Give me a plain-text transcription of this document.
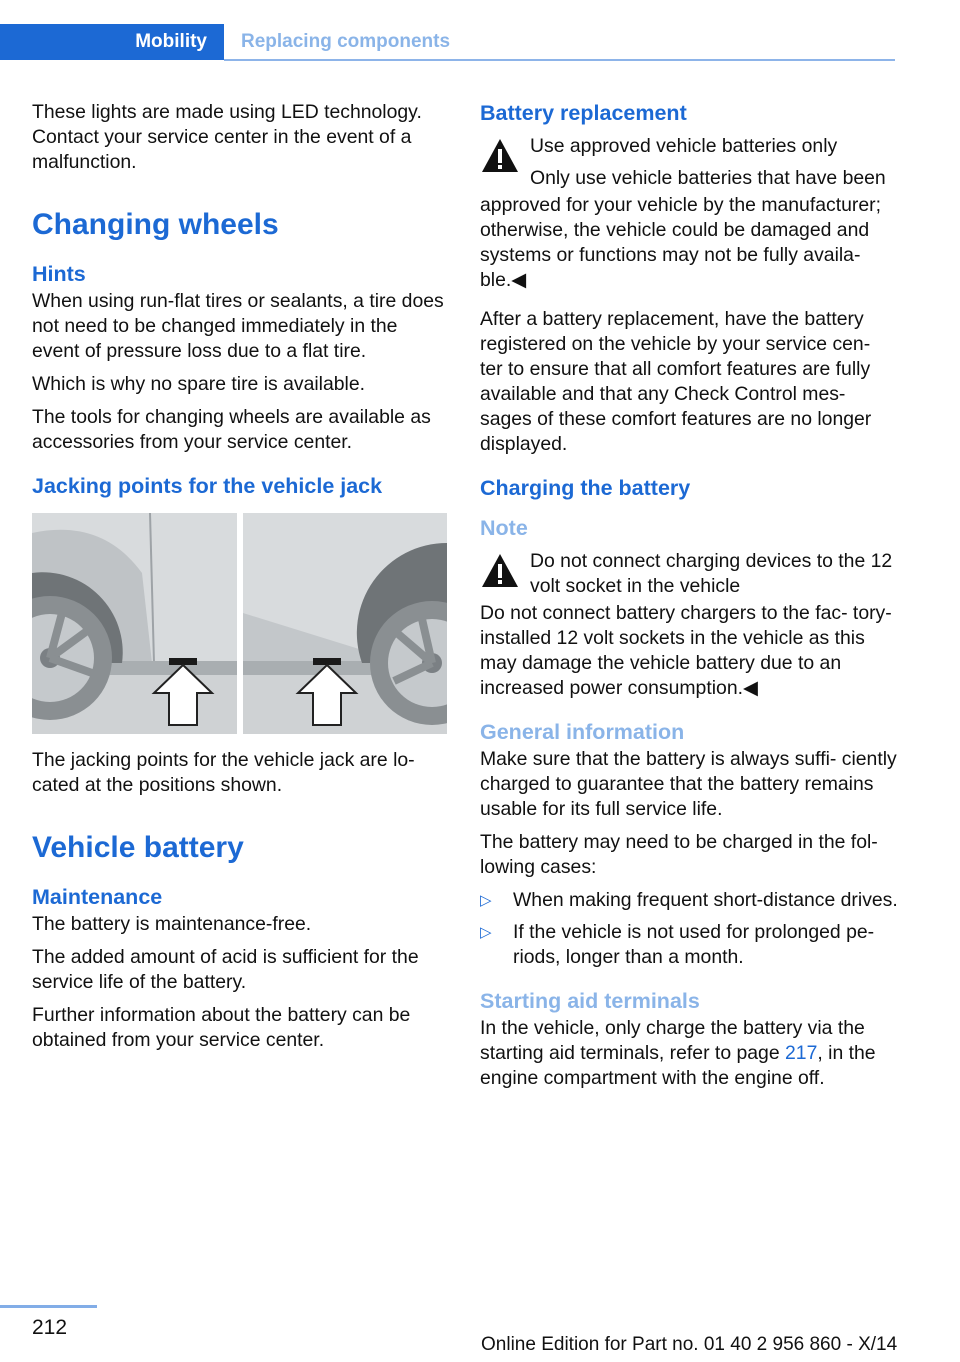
Mobility	Replacing components

These lights are made using LED technology. Contact your service center in the event of a malfunction.

Changing wheels
Hints

When using run-flat tires or sealants, a tire does not need to be changed immediately in the event of pressure loss due to a flat tire.

Which is why no spare tire is available.

The tools for changing wheels are available as accessories from your service center.

Jacking points for the vehicle jack

The jacking points for the vehicle jack are lo‐ cated at the positions shown.

Vehicle battery
Maintenance

The battery is maintenance-free.

The added amount of acid is sufficient for the service life of the battery.

Further information about the battery can be obtained from your service center.

Battery replacement
Use approved vehicle batteries only
Only use vehicle batteries that have been

approved for your vehicle by the manufacturer; otherwise, the vehicle could be damaged and systems or functions may not be fully availa‐ ble.◀

After a battery replacement, have the battery registered on the vehicle by your service cen‐ ter to ensure that all comfort features are fully available and that any Check Control mes‐ sages of these comfort features are no longer displayed.

Charging the battery
Note
Do not connect charging devices to the 12 volt socket in the vehicle

Do not connect battery chargers to the fac‐ tory-installed 12 volt sockets in the vehicle as this may damage the vehicle battery due to an increased power consumption.◀

General information

Make sure that the battery is always suffi‐ ciently charged to guarantee that the battery remains usable for its full service life.

The battery may need to be charged in the fol‐ lowing cases:

▷ When making frequent short-distance drives.
▷ If the vehicle is not used for prolonged pe‐ riods, longer than a month.
Starting aid terminals

In the vehicle, only charge the battery via the starting aid terminals, refer to page 217, in the engine compartment with the engine off.

212
Online Edition for Part no. 01 40 2 956 860 - X/14
